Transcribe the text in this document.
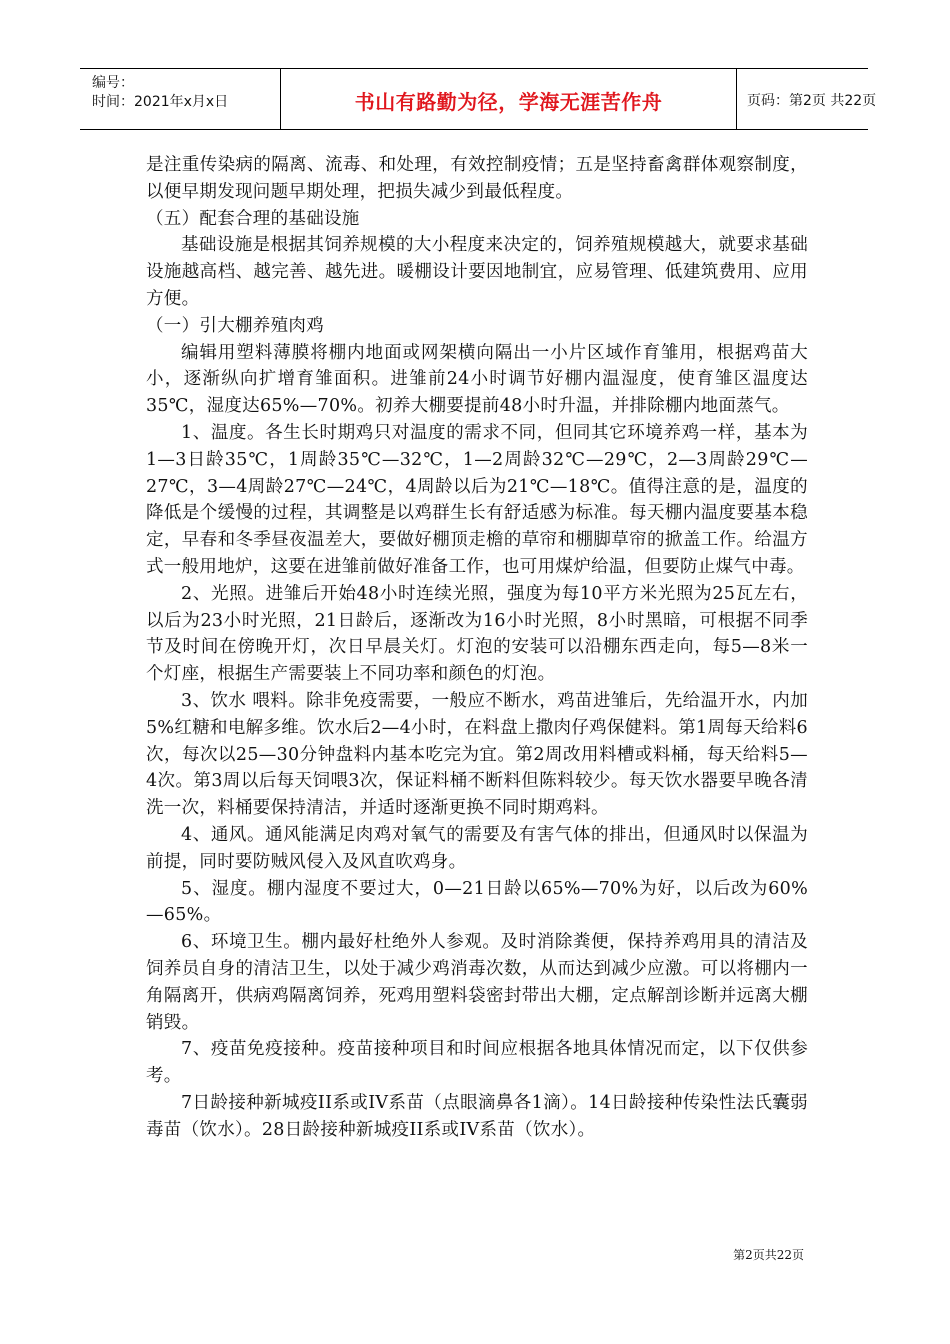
编号：
时间：2021年x月x日	书山有路勤为径，学海无涯苦作舟	页码：第2页 共22页

是注重传染病的隔离、流毒、和处理，有效控制疫情；五是坚持畜禽群体观察制度，以便早期发现问题早期处理，把损失减少到最低程度。

（五）配套合理的基础设施

基础设施是根据其饲养规模的大小程度来决定的，饲养殖规模越大，就要求基础设施越高档、越完善、越先进。暖棚设计要因地制宜，应易管理、低建筑费用、应用方便。

（一）引大棚养殖肉鸡

编辑用塑料薄膜将棚内地面或网架横向隔出一小片区域作育雏用，根据鸡苗大小，逐渐纵向扩增育雏面积。进雏前24小时调节好棚内温湿度，使育雏区温度达35℃，湿度达65%—70%。初养大棚要提前48小时升温，并排除棚内地面蒸气。

1、温度。各生长时期鸡只对温度的需求不同，但同其它环境养鸡一样，基本为1—3日龄35℃，1周龄35℃—32℃，1—2周龄32℃—29℃，2—3周龄29℃—27℃，3—4周龄27℃—24℃，4周龄以后为21℃—18℃。值得注意的是，温度的降低是个缓慢的过程，其调整是以鸡群生长有舒适感为标准。每天棚内温度要基本稳定，早春和冬季昼夜温差大，要做好棚顶走檐的草帘和棚脚草帘的掀盖工作。给温方式一般用地炉，这要在进雏前做好准备工作，也可用煤炉给温，但要防止煤气中毒。

2、光照。进雏后开始48小时连续光照，强度为每10平方米光照为25瓦左右，以后为23小时光照，21日龄后，逐渐改为16小时光照，8小时黑暗，可根据不同季节及时间在傍晚开灯，次日早晨关灯。灯泡的安装可以沿棚东西走向，每5—8米一个灯座，根据生产需要装上不同功率和颜色的灯泡。

3、饮水 喂料。除非免疫需要，一般应不断水，鸡苗进雏后，先给温开水，内加5%红糖和电解多维。饮水后2—4小时，在料盘上撒肉仔鸡保健料。第1周每天给料6次，每次以25—30分钟盘料内基本吃完为宜。第2周改用料槽或料桶，每天给料5—4次。第3周以后每天饲喂3次，保证料桶不断料但陈料较少。每天饮水器要早晚各清洗一次，料桶要保持清洁，并适时逐渐更换不同时期鸡料。

4、通风。通风能满足肉鸡对氧气的需要及有害气体的排出，但通风时以保温为前提，同时要防贼风侵入及风直吹鸡身。

5、湿度。棚内湿度不要过大，0—21日龄以65%—70%为好，以后改为60%—65%。

6、环境卫生。棚内最好杜绝外人参观。及时消除粪便，保持养鸡用具的清洁及饲养员自身的清洁卫生，以处于减少鸡消毒次数，从而达到减少应激。可以将棚内一角隔离开，供病鸡隔离饲养，死鸡用塑料袋密封带出大棚，定点解剖诊断并远离大棚销毁。

7、疫苗免疫接种。疫苗接种项目和时间应根据各地具体情况而定，以下仅供参考。

7日龄接种新城疫II系或IV系苗（点眼滴鼻各1滴）。14日龄接种传染性法氏囊弱毒苗（饮水）。28日龄接种新城疫II系或IV系苗（饮水）。

第2页共22页
